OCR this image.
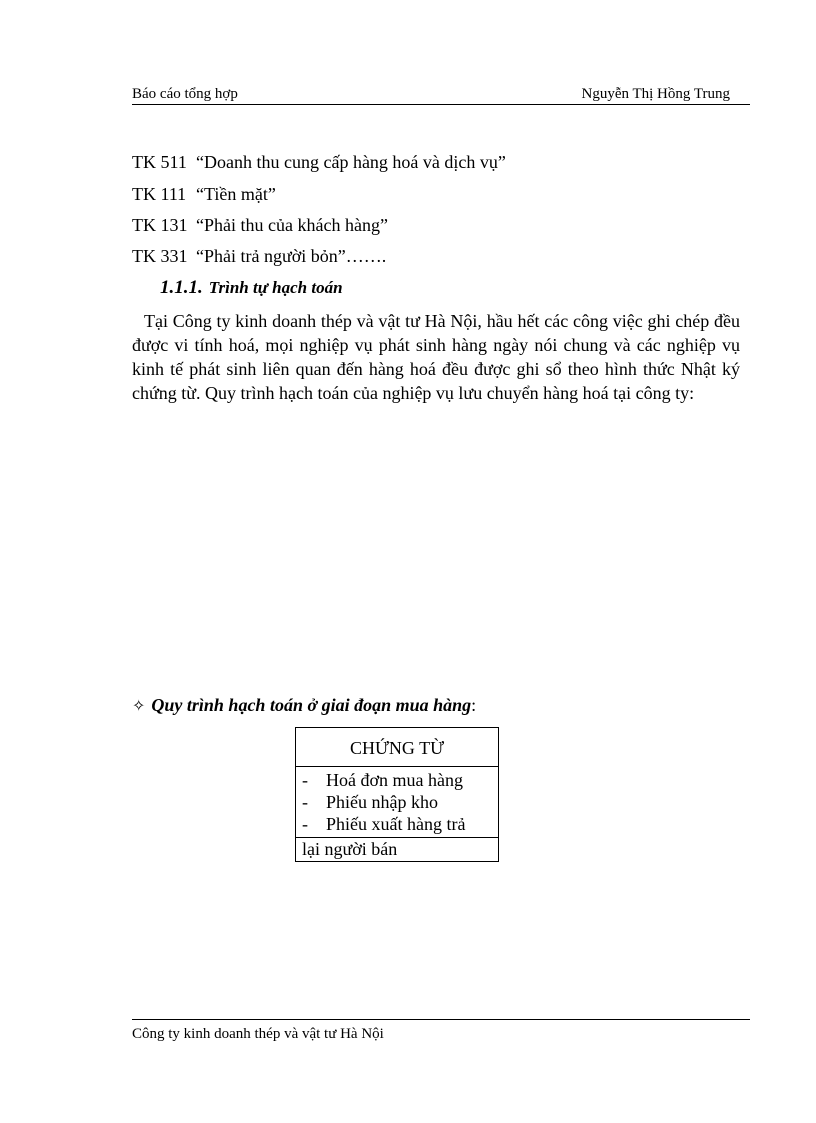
Báo cáo tổng hợp	Nguyễn Thị Hồng Trung
TK 511 “Doanh thu cung cấp hàng hoá và dịch vụ”
TK 111 “Tiền mặt”
TK 131 “Phải thu của khách hàng”
TK 331 “Phải trả người bỏn”…….
1.1.1. Trình tự hạch toán

Tại Công ty kinh doanh thép và vật tư Hà Nội, hầu hết các công việc ghi chép đều được vi tính hoá, mọi nghiệp vụ phát sinh hàng ngày nói chung và các nghiệp vụ kinh tế phát sinh liên quan đến hàng hoá đều được ghi sổ theo hình thức Nhật ký chứng từ. Quy trình hạch toán của nghiệp vụ lưu chuyển hàng hoá tại công ty:

✧ Quy trình hạch toán ở giai đoạn mua hàng:
CHỨNG TỪ
- Hoá đơn mua hàng
- Phiếu nhập kho
- Phiếu xuất hàng trả
lại người bán
Công ty kinh doanh thép và vật tư Hà Nội
